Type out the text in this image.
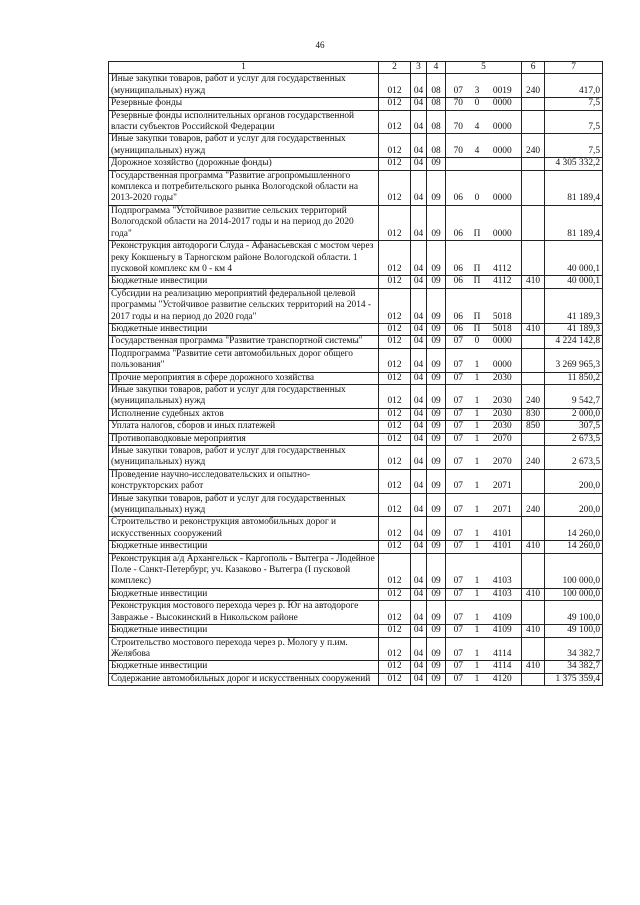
46
1	2	3	4	5			6	7
Иные закупки товаров, работ и услуг для государственных (муниципальных) нужд	012	04	08	07	3	0019	240	417,0
Резервные фонды	012	04	08	70	0	0000		7,5
Резервные фонды исполнительных органов государственной власти субъектов Российской Федерации	012	04	08	70	4	0000		7,5
Иные закупки товаров, работ и услуг для государственных (муниципальных) нужд	012	04	08	70	4	0000	240	7,5
Дорожное хозяйство (дорожные фонды)	012	04	09					4 305 332,2
Государственная программа "Развитие агропромышленного комплекса и потребительского рынка Вологодской области на 2013-2020 годы"	012	04	09	06	0	0000		81 189,4
Подпрограмма "Устойчивое развитие сельских территорий Вологодской области на 2014-2017 годы и на период до 2020 года"	012	04	09	06	П	0000		81 189,4
Реконструкция автодороги Слуда - Афанасьевская с мостом через реку Кокшеньгу в Тарногском районе Вологодской области. 1 пусковой комплекс км 0 - км 4	012	04	09	06	П	4112		40 000,1
Бюджетные инвестиции	012	04	09	06	П	4112	410	40 000,1
Субсидии на реализацию мероприятий федеральной целевой программы "Устойчивое развитие сельских территорий на 2014 - 2017 годы и на период до 2020 года"	012	04	09	06	П	5018		41 189,3
Бюджетные инвестиции	012	04	09	06	П	5018	410	41 189,3
Государственная программа "Развитие транспортной системы"	012	04	09	07	0	0000		4 224 142,8
Подпрограмма "Развитие сети автомобильных дорог общего пользования"	012	04	09	07	1	0000		3 269 965,3
Прочие мероприятия в сфере дорожного хозяйства	012	04	09	07	1	2030		11 850,2
Иные закупки товаров, работ и услуг для государственных (муниципальных) нужд	012	04	09	07	1	2030	240	9 542,7
Исполнение судебных актов	012	04	09	07	1	2030	830	2 000,0
Уплата налогов, сборов и иных платежей	012	04	09	07	1	2030	850	307,5
Противопаводковые мероприятия	012	04	09	07	1	2070		2 673,5
Иные закупки товаров, работ и услуг для государственных (муниципальных) нужд	012	04	09	07	1	2070	240	2 673,5
Проведение научно-исследовательских и опытно-конструкторских работ	012	04	09	07	1	2071		200,0
Иные закупки товаров, работ и услуг для государственных (муниципальных) нужд	012	04	09	07	1	2071	240	200,0
Строительство и реконструкция автомобильных дорог и искусственных сооружений	012	04	09	07	1	4101		14 260,0
Бюджетные инвестиции	012	04	09	07	1	4101	410	14 260,0
Реконструкция а/д Архангельск - Каргополь - Вытегра - Лодейное Поле - Санкт-Петербург, уч. Казаково - Вытегра (I пусковой комплекс)	012	04	09	07	1	4103		100 000,0
Бюджетные инвестиции	012	04	09	07	1	4103	410	100 000,0
Реконструкция мостового перехода через р. Юг на автодороге Завражье - Высокинский в Никольском районе	012	04	09	07	1	4109		49 100,0
Бюджетные инвестиции	012	04	09	07	1	4109	410	49 100,0
Строительство мостового перехода через р. Мологу у п.им. Желябова	012	04	09	07	1	4114		34 382,7
Бюджетные инвестиции	012	04	09	07	1	4114	410	34 382,7
Содержание автомобильных дорог и искусственных сооружений	012	04	09	07	1	4120		1 375 359,4
